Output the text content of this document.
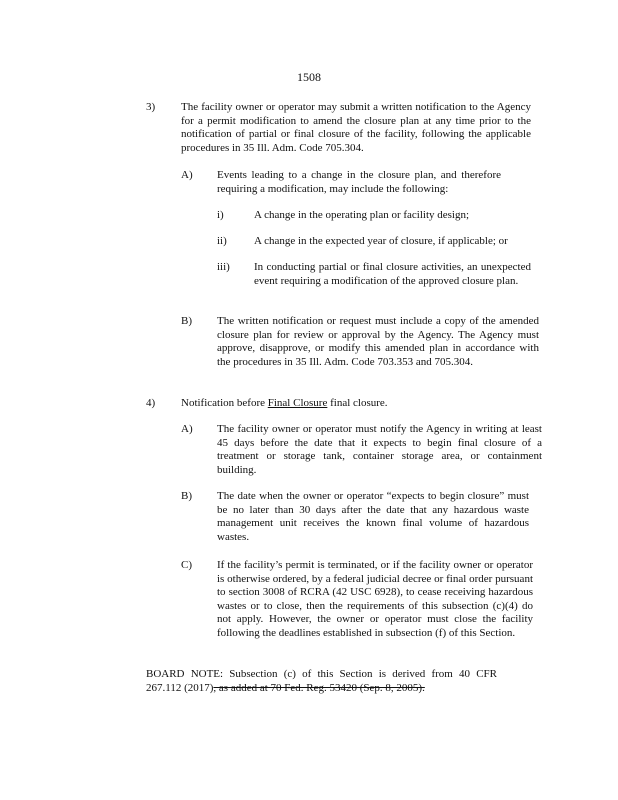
1508
3) The facility owner or operator may submit a written notification to the Agency for a permit modification to amend the closure plan at any time prior to the notification of partial or final closure of the facility, following the applicable procedures in 35 Ill. Adm. Code 705.304.
A) Events leading to a change in the closure plan, and therefore requiring a modification, may include the following:
i)	A change in the operating plan or facility design;
ii) A change in the expected year of closure, if applicable; or
iii) In conducting partial or final closure activities, an unexpected event requiring a modification of the approved closure plan.
B) The written notification or request must include a copy of the amended closure plan for review or approval by the Agency. The Agency must approve, disapprove, or modify this amended plan in accordance with the procedures in 35 Ill. Adm. Code 703.353 and 705.304.
4) Notification before Final Closure final closure.
A) The facility owner or operator must notify the Agency in writing at least 45 days before the date that it expects to begin final closure of a treatment or storage tank, container storage area, or containment building.
B) The date when the owner or operator “expects to begin closure” must be no later than 30 days after the date that any hazardous waste management unit receives the known final volume of hazardous wastes.
C) If the facility’s permit is terminated, or if the facility owner or operator is otherwise ordered, by a federal judicial decree or final order pursuant to section 3008 of RCRA (42 USC 6928), to cease receiving hazardous wastes or to close, then the requirements of this subsection (c)(4) do not apply. However, the owner or operator must close the facility following the deadlines established in subsection (f) of this Section.
BOARD NOTE: Subsection (c) of this Section is derived from 40 CFR 267.112 (2017), as added at 70 Fed. Reg. 53420 (Sep. 8, 2005).
